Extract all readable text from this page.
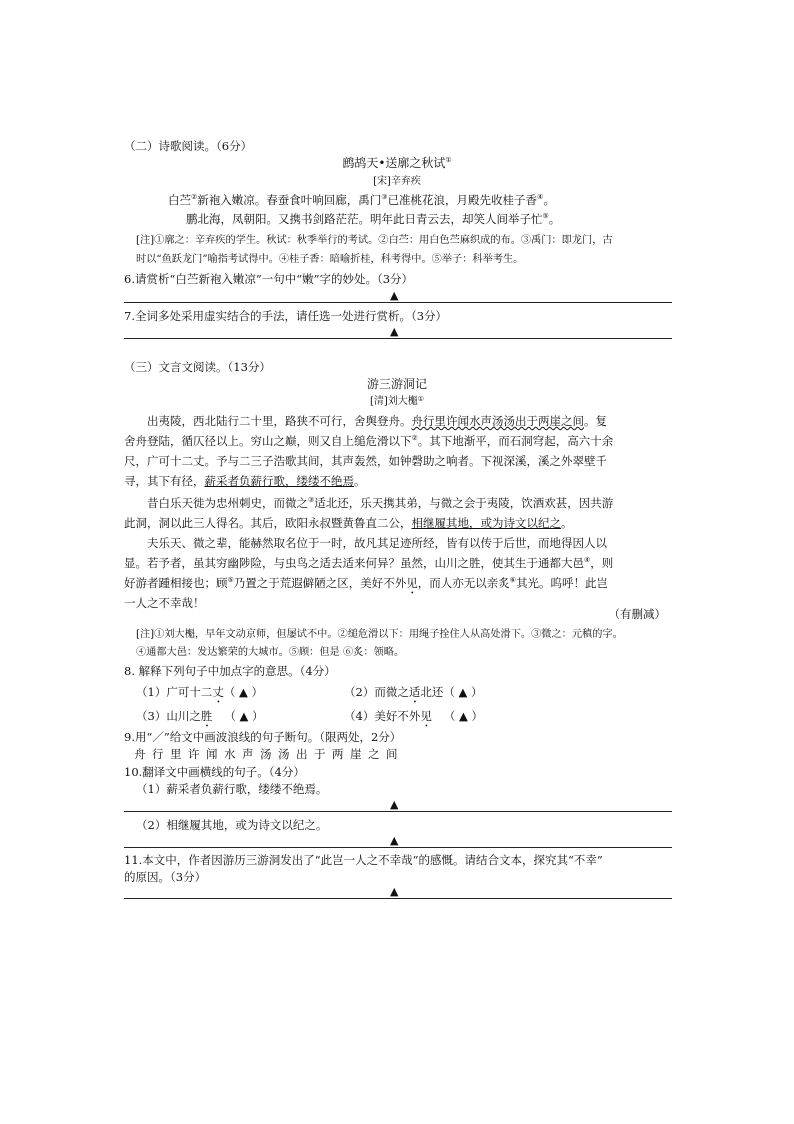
（二）诗歌阅读。（6分）
鹧鸪天•送廓之秋试①
[宋]辛弃疾
白苎②新袍入嫩凉。春蚕食叶响回廊，禹门③已准桃花浪，月殿先收桂子香④。
鹏北海，凤朝阳。又携书剑路茫茫。明年此日青云去，却笑人间举子忙⑤。
[注]①廓之：辛弃疾的学生。秋试：秋季举行的考试。②白苎：用白色苎麻织成的布。③禹门：即龙门，古
时以“鱼跃龙门”喻指考试得中。④桂子香：暗喻折桂，科考得中。⑤举子：科举考生。
6.请赏析“白苎新袍入嫩凉”一句中“嫩”字的妙处。（3分）
▲
7.全词多处采用虚实结合的手法，请任选一处进行赏析。（3分）
▲
（三）文言文阅读。（13分）
游三游洞记
[清]刘大櫆①
出夷陵，西北陆行二十里，路狭不可行，舍舆登舟。舟行里许闻水声汤汤出于两崖之间。复
舍舟登陆，循仄径以上。穷山之巅，则又自上缒危滑以下②。其下地渐平，而石洞穹起，高六十余
尺，广可十二丈。予与二三子浩歌其间，其声轰然，如钟磬助之响者。下视深溪，溪之外翠壁千
寻，其下有径，薪采者负薪行歌，缕缕不绝焉。
昔白乐天徙为忠州刺史，而微之③适北还，乐天携其弟，与微之会于夷陵，饮酒欢甚，因共游
此洞，洞以此三人得名。其后，欧阳永叔暨黄鲁直二公，相继履其地，或为诗文以纪之。
夫乐天、微之辈，能赫然取名位于一时，故凡其足迹所经，皆有以传于后世，而地得因人以
显。若予者，虽其穷幽陟险，与虫鸟之适去适来何异？虽然，山川之胜，使其生于通都大邑④，则
好游者踵相接也；顾⑤乃置之于荒遐僻陋之区，美好不外见，而人亦无以亲炙⑥其光。呜呼！此岂
一人之不幸哉！
（有删减）
[注]①刘大櫆，早年文动京师，但屡试不中。②缒危滑以下：用绳子拴住人从高处滑下。③微之：元稹的字。
④通都大邑：发达繁荣的大城市。⑤顾：但是 ⑥炙：领略。
8. 解释下列句子中加点字的意思。（4分）
（1）广可十二丈（ ▲ ）	（2）而微之适北还（ ▲ ）
（3）山川之胜 （ ▲ ）	（4）美好不外见 （ ▲ ）
9.用“／”给文中画波浪线的句子断句。（限两处，2分）
舟行里许闻水声汤汤出于两崖之间
10.翻译文中画横线的句子。（4分）
（1）薪采者负薪行歌，缕缕不绝焉。
▲
（2）相继履其地，或为诗文以纪之。
▲
11.本文中，作者因游历三游洞发出了“此岂一人之不幸哉”的感慨。请结合文本，探究其“不幸”
的原因。（3分）
▲
